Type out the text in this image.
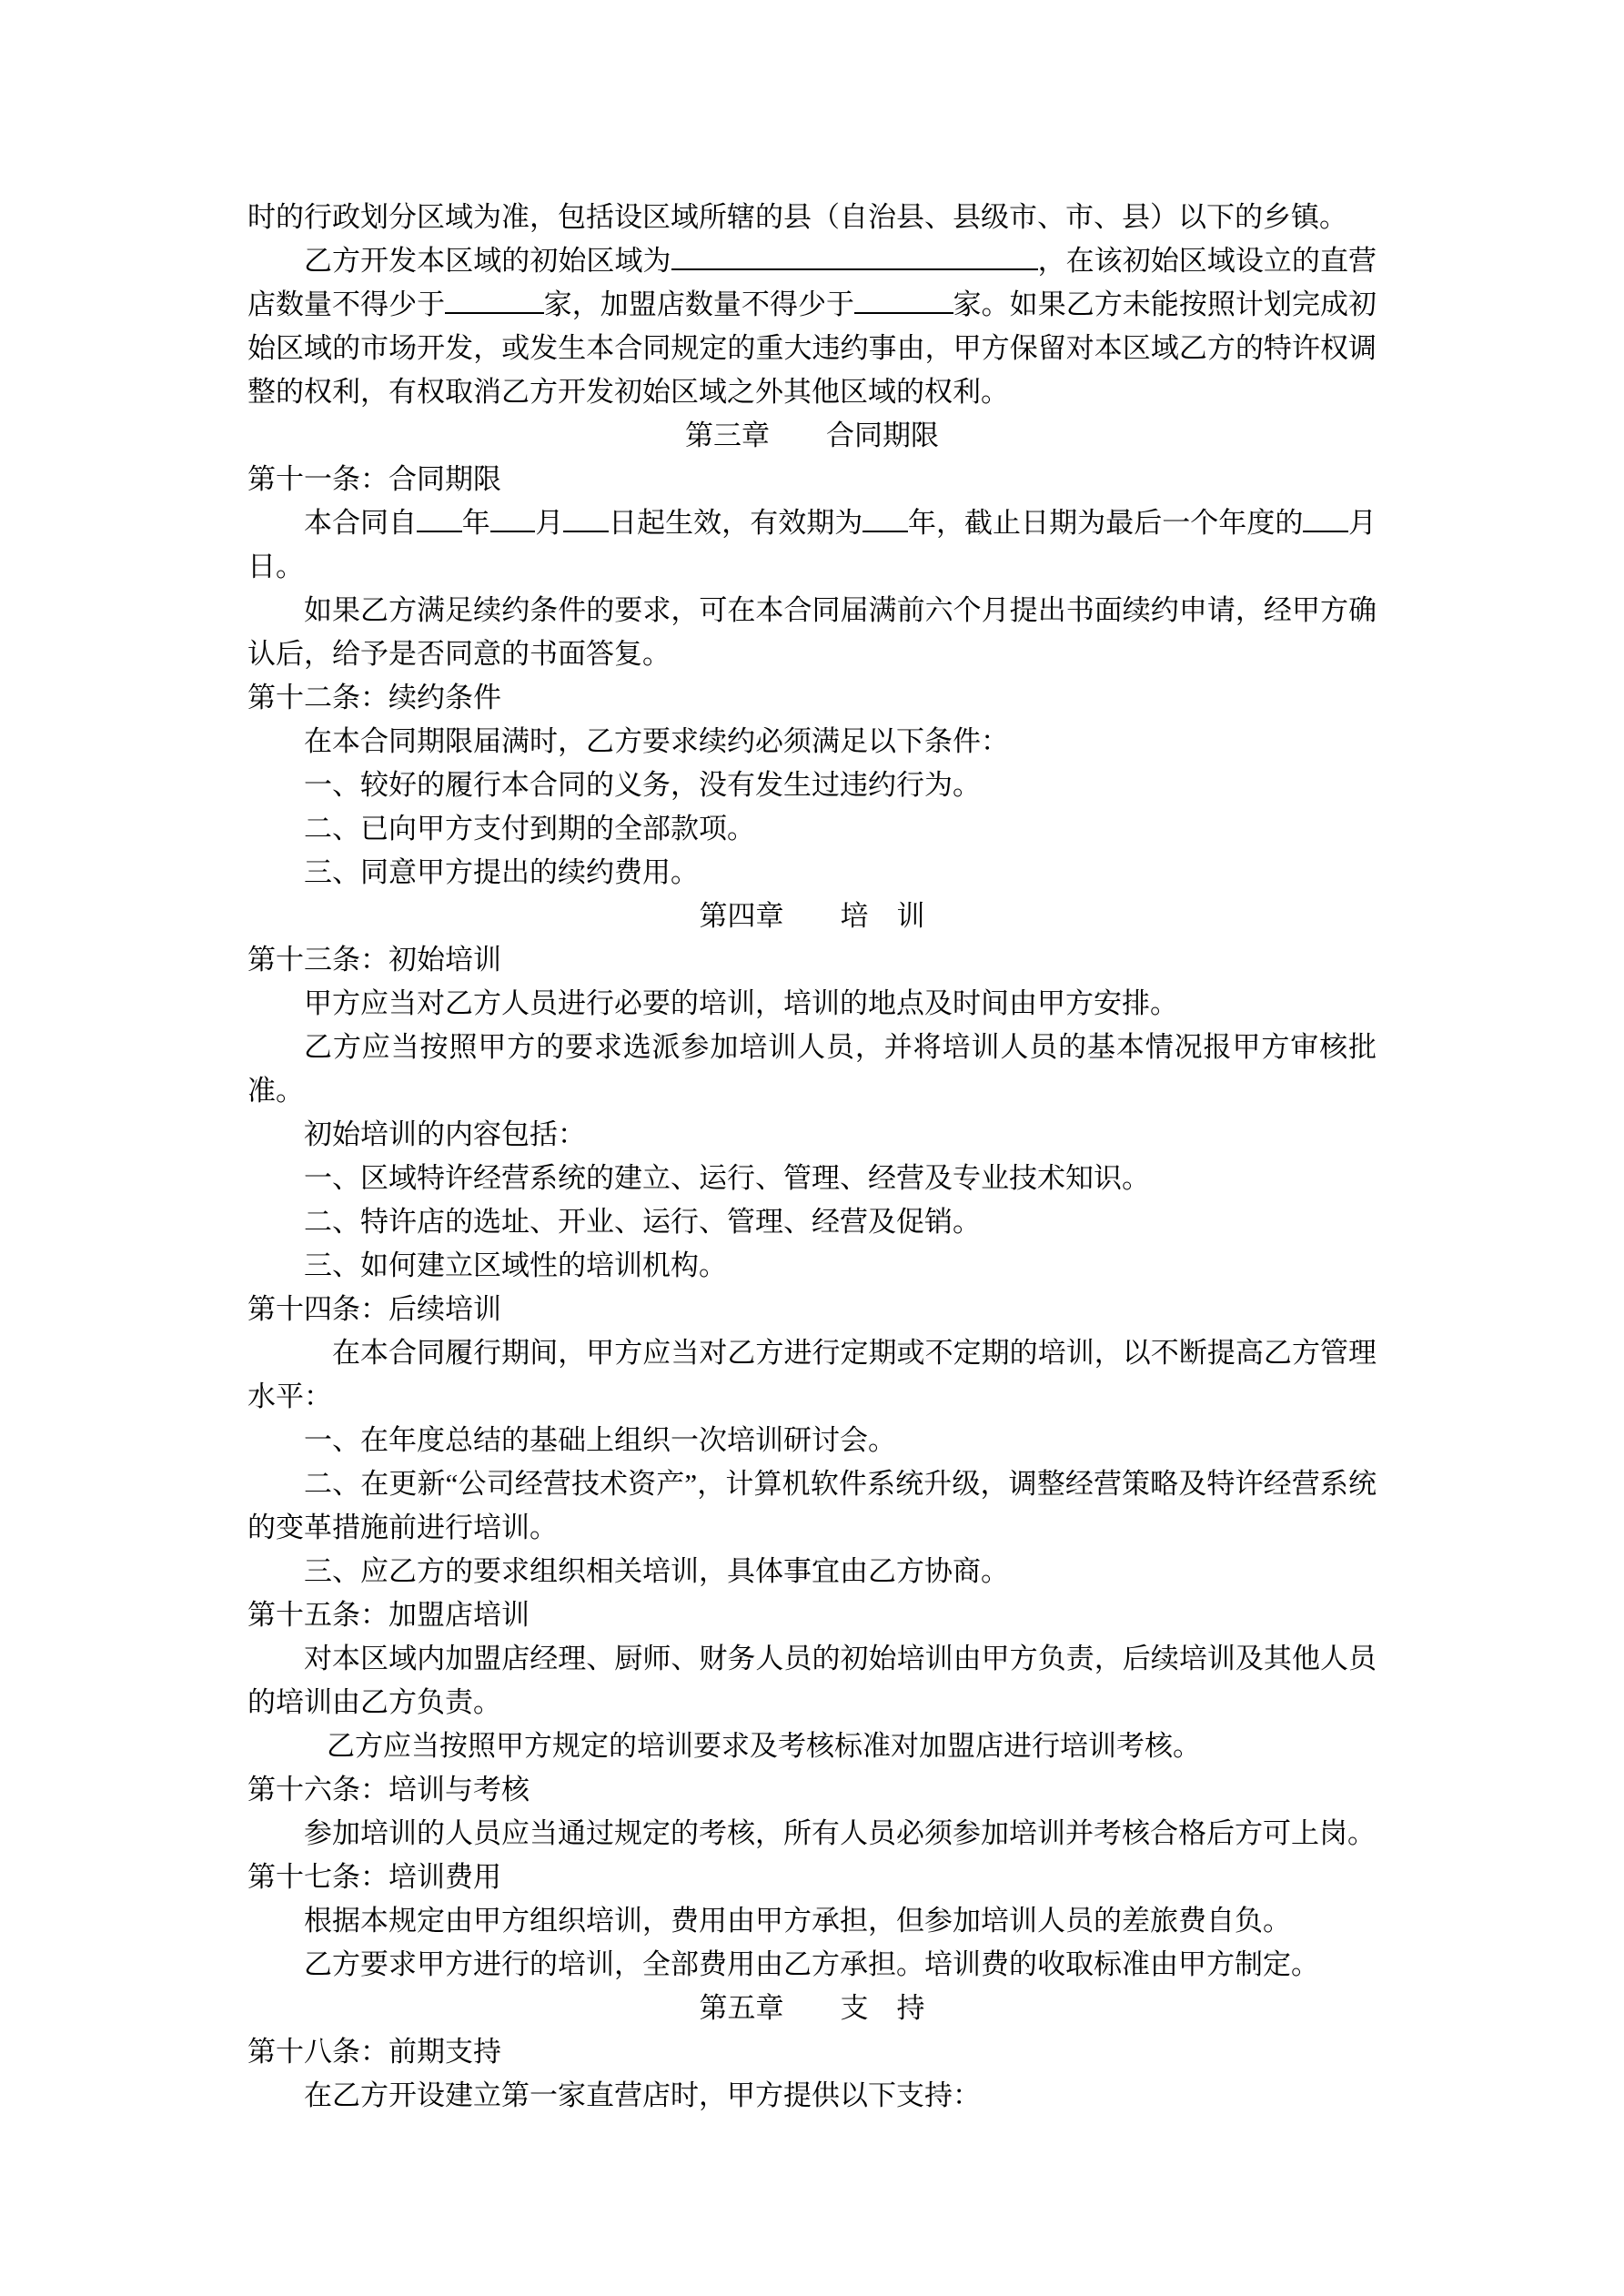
时的行政划分区域为准，包括设区域所辖的县（自治县、县级市、市、县）以下的乡镇。

乙方开发本区域的初始区域为	，在该初始区域设立的直营店数量不得少于	家，加盟店数量不得少于	家。如果乙方未能按照计划完成初始区域的市场开发，或发生本合同规定的重大违约事由，甲方保留对本区域乙方的特许权调整的权利，有权取消乙方开发初始区域之外其他区域的权利。

第三章　　合同期限

第十一条：合同期限

本合同自 年 月 日起生效，有效期为 年，截止日期为最后一个年度的 月日。

如果乙方满足续约条件的要求，可在本合同届满前六个月提出书面续约申请，经甲方确认后，给予是否同意的书面答复。

第十二条：续约条件

在本合同期限届满时，乙方要求续约必须满足以下条件：

一、较好的履行本合同的义务，没有发生过违约行为。

二、已向甲方支付到期的全部款项。

三、同意甲方提出的续约费用。

第四章　　培　训

第十三条：初始培训

甲方应当对乙方人员进行必要的培训，培训的地点及时间由甲方安排。

乙方应当按照甲方的要求选派参加培训人员，并将培训人员的基本情况报甲方审核批准。

初始培训的内容包括：

一、区域特许经营系统的建立、运行、管理、经营及专业技术知识。

二、特许店的选址、开业、运行、管理、经营及促销。

三、如何建立区域性的培训机构。

第十四条：后续培训

在本合同履行期间，甲方应当对乙方进行定期或不定期的培训，以不断提高乙方管理水平：

一、在年度总结的基础上组织一次培训研讨会。

二、在更新“公司经营技术资产”，计算机软件系统升级，调整经营策略及特许经营系统的变革措施前进行培训。

三、应乙方的要求组织相关培训，具体事宜由乙方协商。

第十五条：加盟店培训

对本区域内加盟店经理、厨师、财务人员的初始培训由甲方负责，后续培训及其他人员的培训由乙方负责。

乙方应当按照甲方规定的培训要求及考核标准对加盟店进行培训考核。

第十六条：培训与考核

参加培训的人员应当通过规定的考核，所有人员必须参加培训并考核合格后方可上岗。

第十七条：培训费用

根据本规定由甲方组织培训，费用由甲方承担，但参加培训人员的差旅费自负。

乙方要求甲方进行的培训，全部费用由乙方承担。培训费的收取标准由甲方制定。

第五章　　支　持

第十八条：前期支持

在乙方开设建立第一家直营店时，甲方提供以下支持：
